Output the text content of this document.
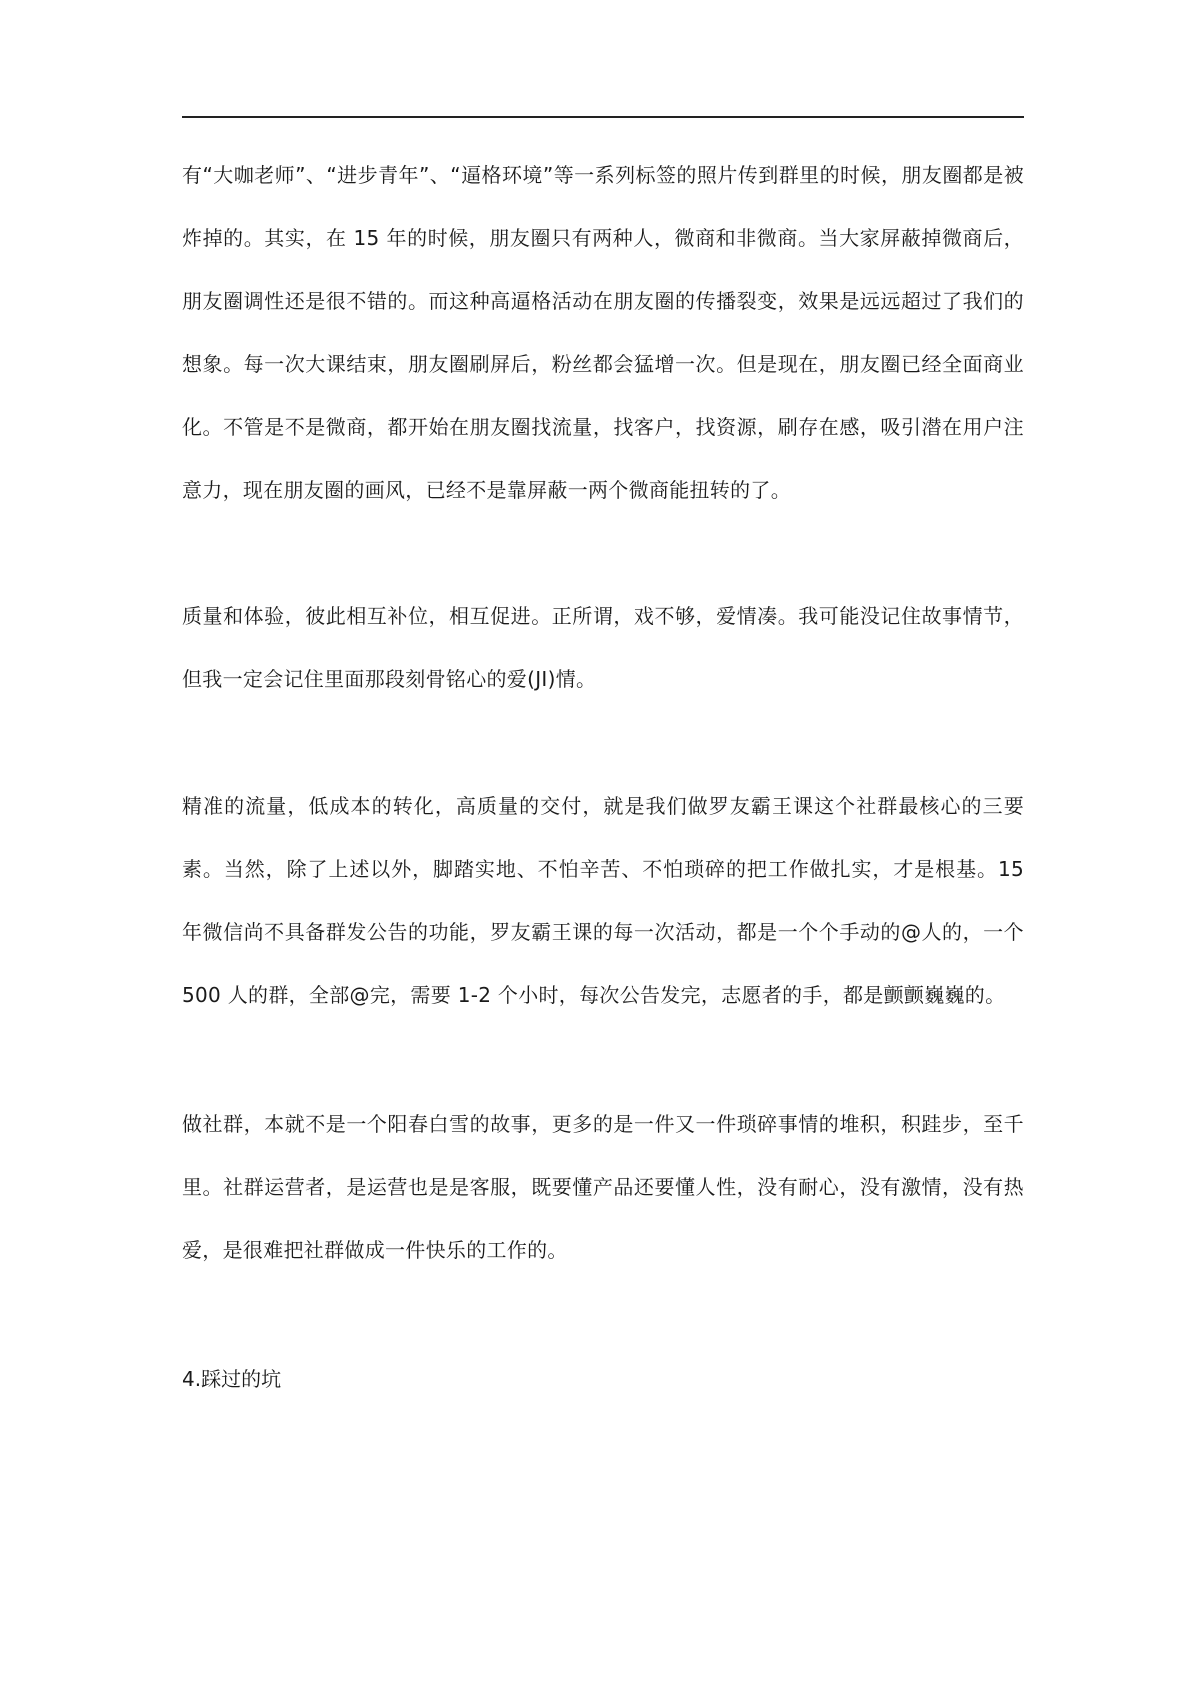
有“大咖老师”、“进步青年”、“逼格环境”等一系列标签的照片传到群里的时候，朋友圈都是被炸掉的。其实，在 15 年的时候，朋友圈只有两种人，微商和非微商。当大家屏蔽掉微商后，朋友圈调性还是很不错的。而这种高逼格活动在朋友圈的传播裂变，效果是远远超过了我们的想象。每一次大课结束，朋友圈刷屏后，粉丝都会猛增一次。但是现在，朋友圈已经全面商业化。不管是不是微商，都开始在朋友圈找流量，找客户，找资源，刷存在感，吸引潜在用户注意力，现在朋友圈的画风，已经不是靠屏蔽一两个微商能扭转的了。

质量和体验，彼此相互补位，相互促进。正所谓，戏不够，爱情凑。我可能没记住故事情节，但我一定会记住里面那段刻骨铭心的爱(JI)情。

精准的流量，低成本的转化，高质量的交付，就是我们做罗友霸王课这个社群最核心的三要素。当然，除了上述以外，脚踏实地、不怕辛苦、不怕琐碎的把工作做扎实，才是根基。15 年微信尚不具备群发公告的功能，罗友霸王课的每一次活动，都是一个个手动的@人的，一个 500 人的群，全部@完，需要 1-2 个小时，每次公告发完，志愿者的手，都是颤颤巍巍的。

做社群，本就不是一个阳春白雪的故事，更多的是一件又一件琐碎事情的堆积，积跬步，至千里。社群运营者，是运营也是是客服，既要懂产品还要懂人性，没有耐心，没有激情，没有热爱，是很难把社群做成一件快乐的工作的。

4.踩过的坑
